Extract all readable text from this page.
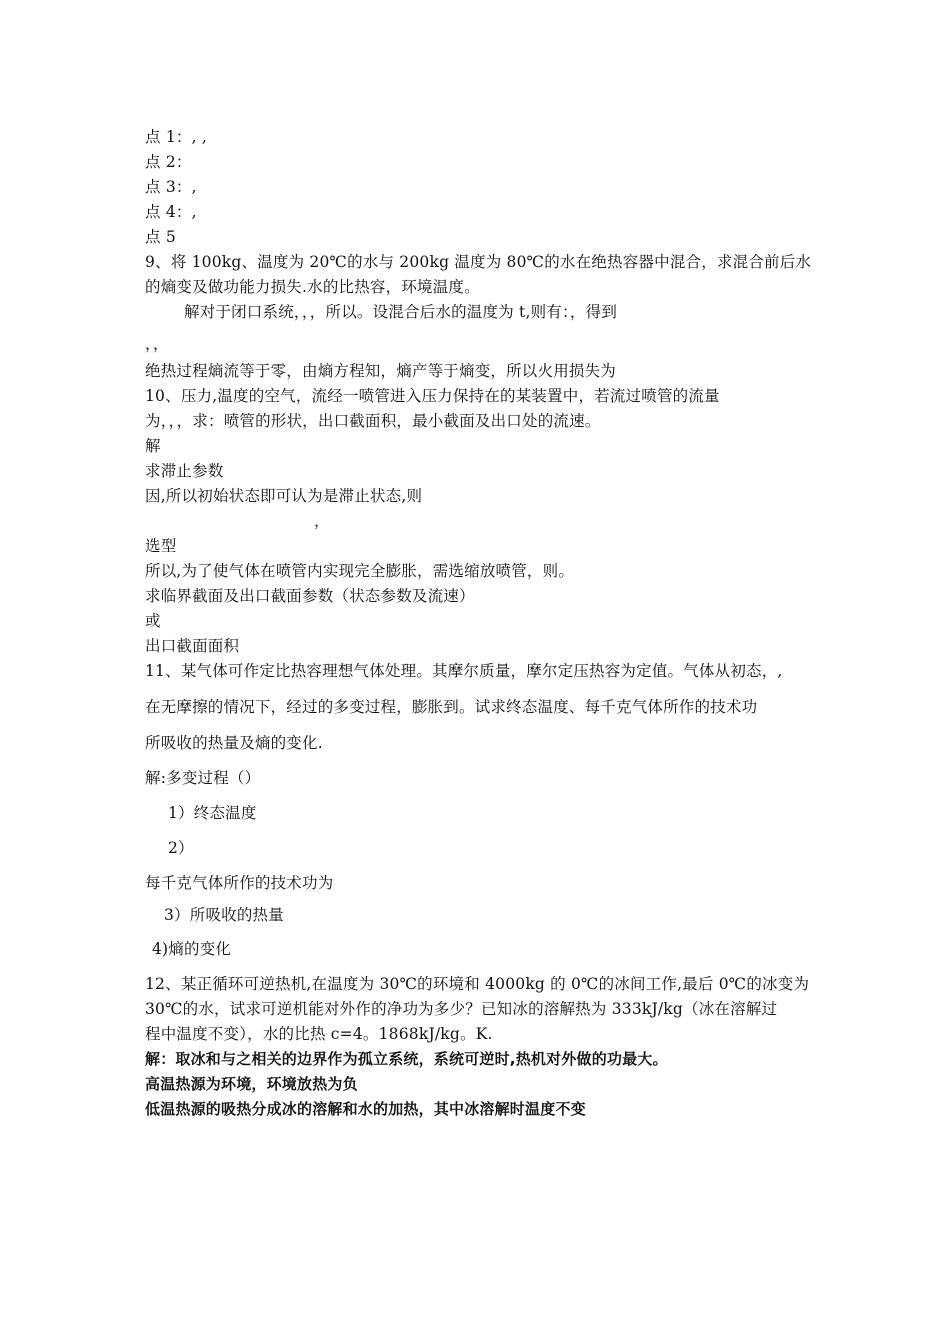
点 1：, ,
点 2：
点 3：,
点 4：,
点 5
9、将 100kg、温度为 20℃的水与 200kg 温度为 80℃的水在绝热容器中混合，求混合前后水
的熵变及做功能力损失.水的比热容，环境温度。
解对于闭口系统，，，所以。设混合后水的温度为 t,则有：，得到
，，
绝热过程熵流等于零，由熵方程知，熵产等于熵变，所以火用损失为
10、压力,温度的空气，流经一喷管进入压力保持在的某装置中，若流过喷管的流量
为，，，求：喷管的形状，出口截面积，最小截面及出口处的流速。
解
求滞止参数
因,所以初始状态即可认为是滞止状态,则
，
选型
所以,为了使气体在喷管内实现完全膨胀，需选缩放喷管，则。
求临界截面及出口截面参数（状态参数及流速）
或
出口截面面积
11、某气体可作定比热容理想气体处理。其摩尔质量，摩尔定压热容为定值。气体从初态，,
在无摩擦的情况下，经过的多变过程，膨胀到。试求终态温度、每千克气体所作的技术功
所吸收的热量及熵的变化.
解:多变过程（）
1）终态温度
2）
每千克气体所作的技术功为
3）所吸收的热量
4)熵的变化
12、某正循环可逆热机,在温度为 30℃的环境和 4000kg 的 0℃的冰间工作,最后 0℃的冰变为
30℃的水，试求可逆机能对外作的净功为多少？已知冰的溶解热为 333kJ/kg（冰在溶解过
程中温度不变），水的比热 c=4。1868kJ/kg。K.
解：取冰和与之相关的边界作为孤立系统，系统可逆时,热机对外做的功最大。
高温热源为环境，环境放热为负
低温热源的吸热分成冰的溶解和水的加热，其中冰溶解时温度不变
